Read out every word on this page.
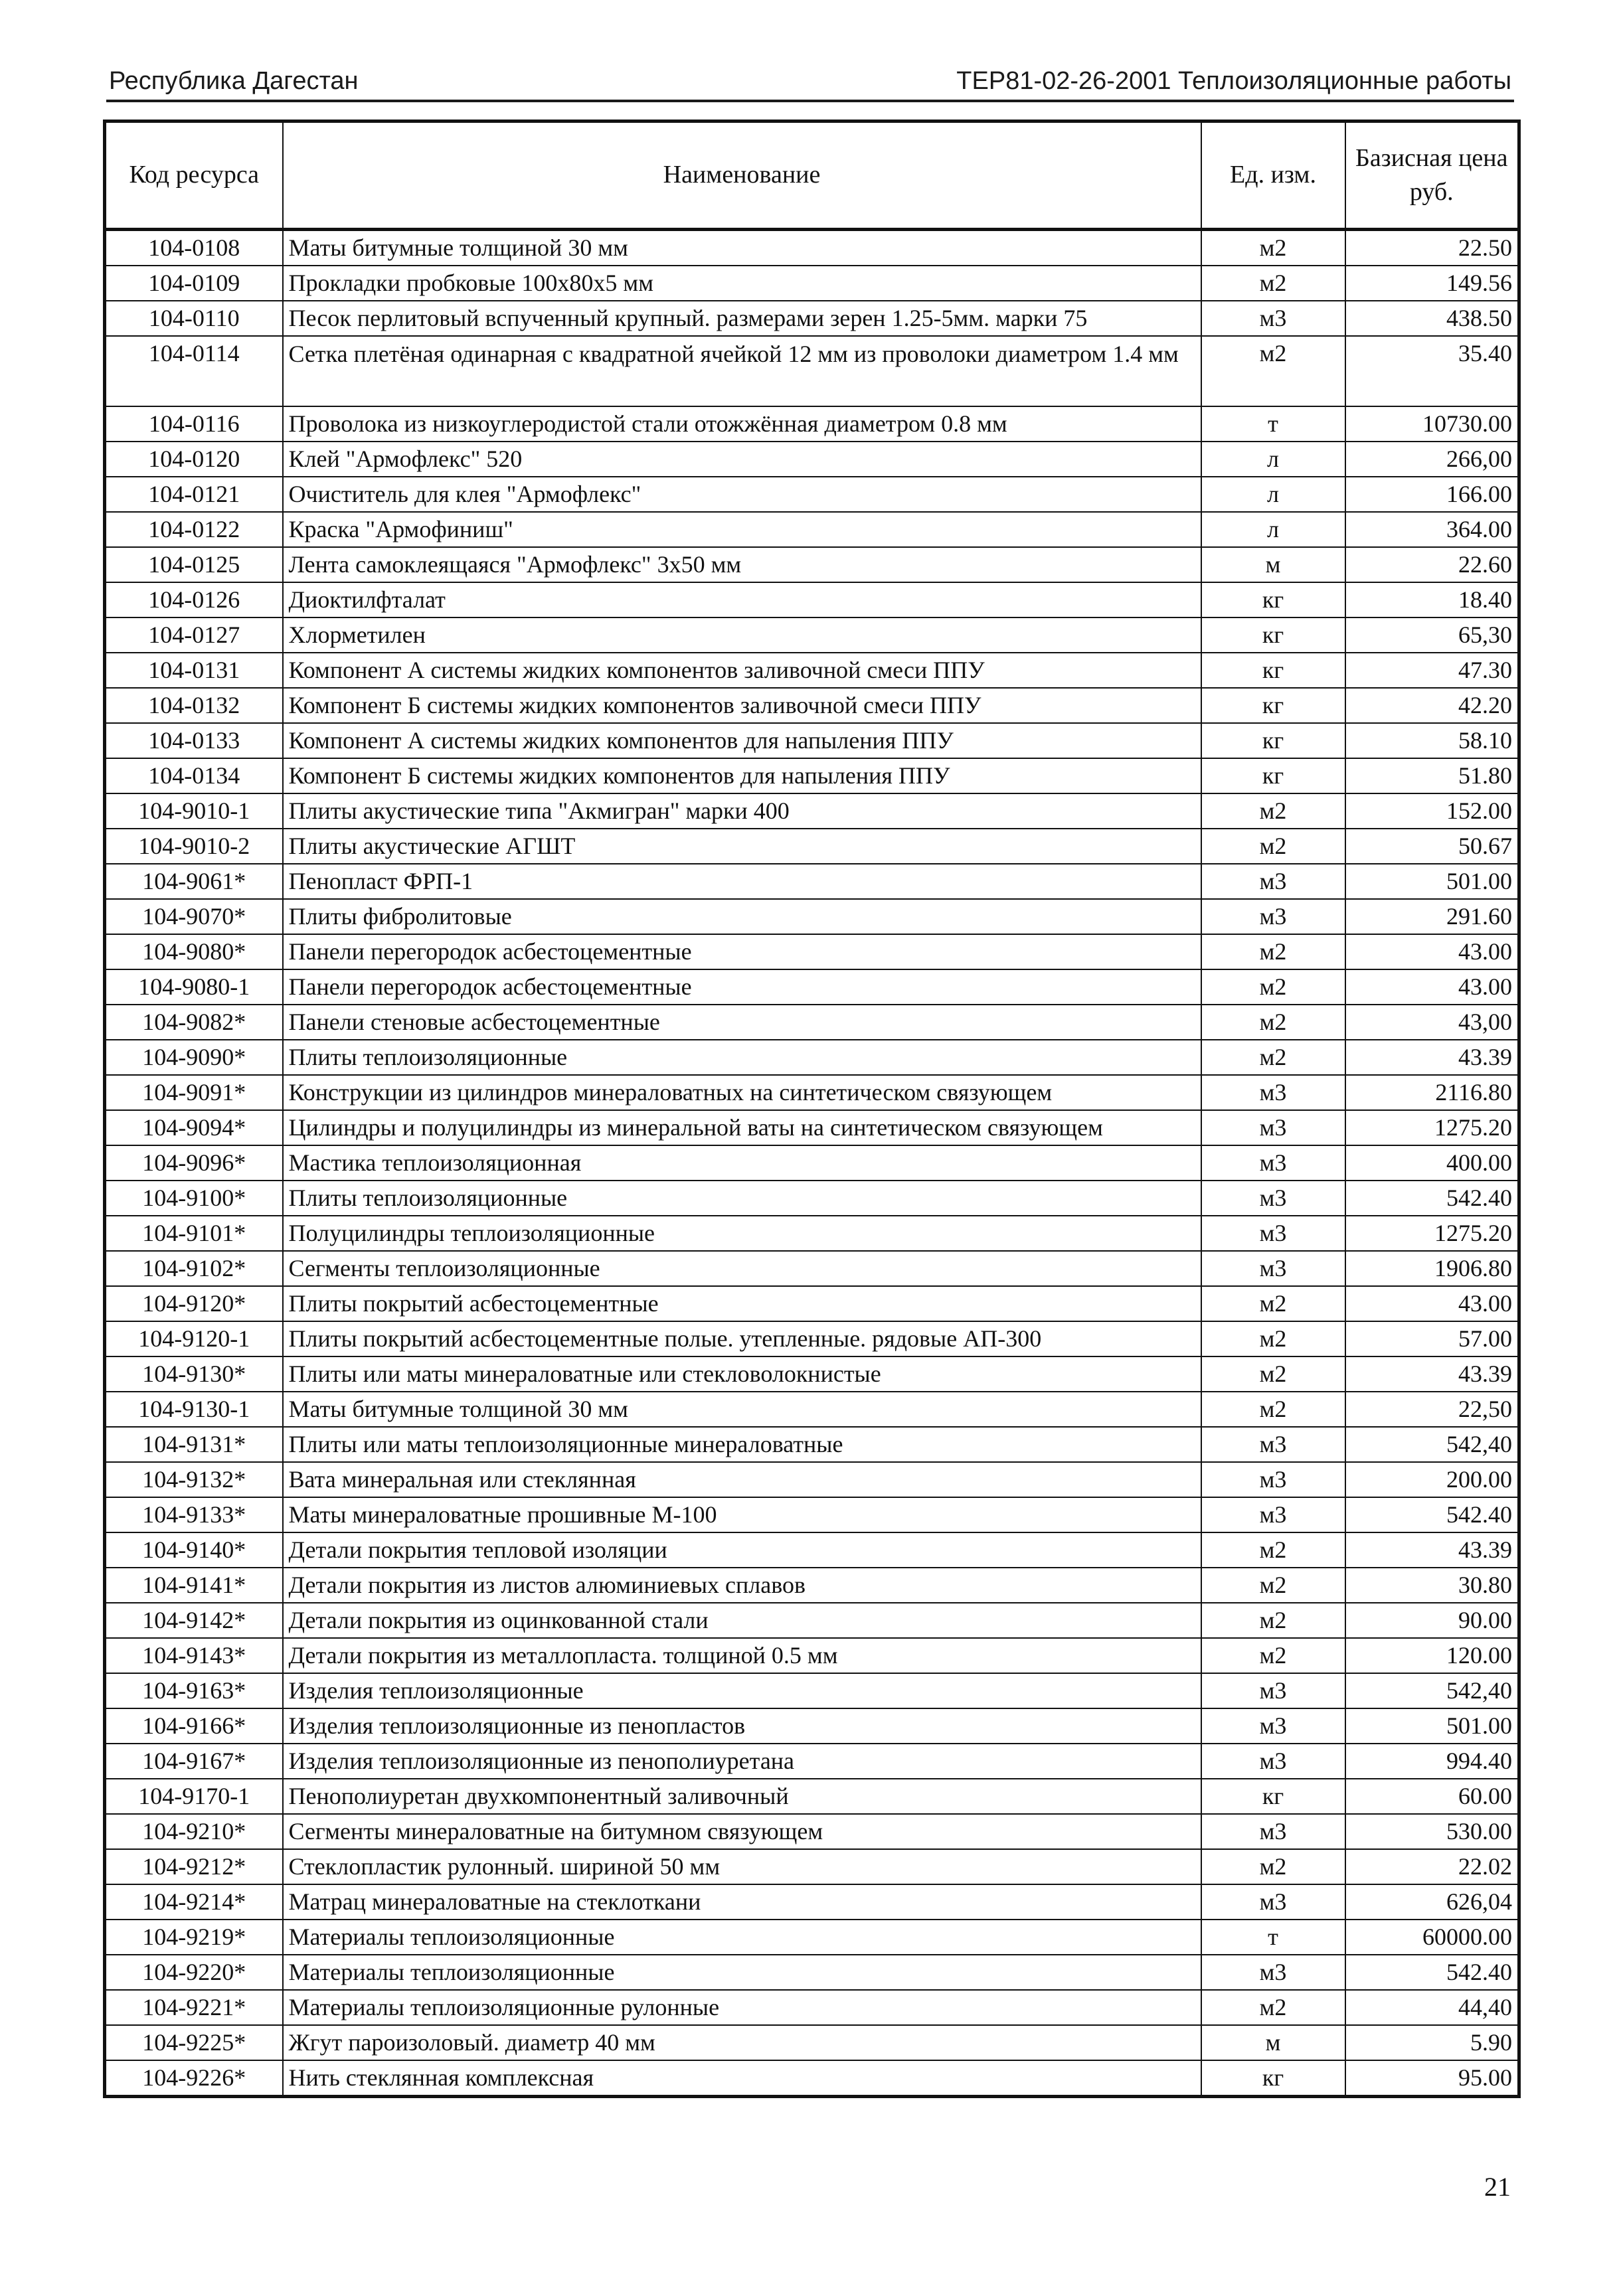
Республика Дагестан	ТЕР81-02-26-2001 Теплоизоляционные работы
Код ресурса	Наименование	Ед. изм.	Базисная цена руб.
104-0108	Маты битумные толщиной 30 мм	м2	22.50
104-0109	Прокладки пробковые 100х80х5 мм	м2	149.56
104-0110	Песок перлитовый вспученный крупный. размерами зерен 1.25-5мм. марки 75	м3	438.50
104-0114	Сетка плетёная одинарная с квадратной ячейкой 12 мм из проволоки диаметром 1.4 мм	м2	35.40
104-0116	Проволока из низкоуглеродистой стали отожжённая диаметром 0.8 мм	т	10730.00
104-0120	Клей "Армофлекс" 520	л	266,00
104-0121	Очиститель для клея "Армофлекс"	л	166.00
104-0122	Краска "Армофиниш"	л	364.00
104-0125	Лента самоклеящаяся "Армофлекс" 3х50 мм	м	22.60
104-0126	Диоктилфталат	кг	18.40
104-0127	Хлорметилен	кг	65,30
104-0131	Компонент А системы жидких компонентов заливочной смеси ППУ	кг	47.30
104-0132	Компонент Б системы жидких компонентов заливочной смеси ППУ	кг	42.20
104-0133	Компонент А системы жидких компонентов для напыления ППУ	кг	58.10
104-0134	Компонент Б системы жидких компонентов для напыления ППУ	кг	51.80
104-9010-1	Плиты акустические типа "Акмигран" марки 400	м2	152.00
104-9010-2	Плиты акустические АГШТ	м2	50.67
104-9061*	Пенопласт ФРП-1	м3	501.00
104-9070*	Плиты фибролитовые	м3	291.60
104-9080*	Панели перегородок асбестоцементные	м2	43.00
104-9080-1	Панели перегородок асбестоцементные	м2	43.00
104-9082*	Панели стеновые асбестоцементные	м2	43,00
104-9090*	Плиты теплоизоляционные	м2	43.39
104-9091*	Конструкции из цилиндров минераловатных на синтетическом связующем	м3	2116.80
104-9094*	Цилиндры и полуцилиндры из минеральной ваты на синтетическом связующем	м3	1275.20
104-9096*	Мастика теплоизоляционная	м3	400.00
104-9100*	Плиты теплоизоляционные	м3	542.40
104-9101*	Полуцилиндры теплоизоляционные	м3	1275.20
104-9102*	Сегменты теплоизоляционные	м3	1906.80
104-9120*	Плиты покрытий асбестоцементные	м2	43.00
104-9120-1	Плиты покрытий асбестоцементные полые. утепленные. рядовые АП-300	м2	57.00
104-9130*	Плиты или маты минераловатные или стекловолокнистые	м2	43.39
104-9130-1	Маты битумные толщиной 30 мм	м2	22,50
104-9131*	Плиты или маты теплоизоляционные минераловатные	м3	542,40
104-9132*	Вата минеральная или стеклянная	м3	200.00
104-9133*	Маты минераловатные прошивные М-100	м3	542.40
104-9140*	Детали покрытия тепловой изоляции	м2	43.39
104-9141*	Детали покрытия из листов алюминиевых сплавов	м2	30.80
104-9142*	Детали покрытия из оцинкованной стали	м2	90.00
104-9143*	Детали покрытия из металлопласта. толщиной 0.5 мм	м2	120.00
104-9163*	Изделия теплоизоляционные	м3	542,40
104-9166*	Изделия теплоизоляционные из пенопластов	м3	501.00
104-9167*	Изделия теплоизоляционные из пенополиуретана	м3	994.40
104-9170-1	Пенополиуретан двухкомпонентный заливочный	кг	60.00
104-9210*	Сегменты минераловатные на битумном связующем	м3	530.00
104-9212*	Стеклопластик рулонный. шириной 50 мм	м2	22.02
104-9214*	Матрац минераловатные на стеклоткани	м3	626,04
104-9219*	Материалы теплоизоляционные	т	60000.00
104-9220*	Материалы теплоизоляционные	м3	542.40
104-9221*	Материалы теплоизоляционные рулонные	м2	44,40
104-9225*	Жгут пароизоловый. диаметр 40 мм	м	5.90
104-9226*	Нить стеклянная комплексная	кг	95.00
21
